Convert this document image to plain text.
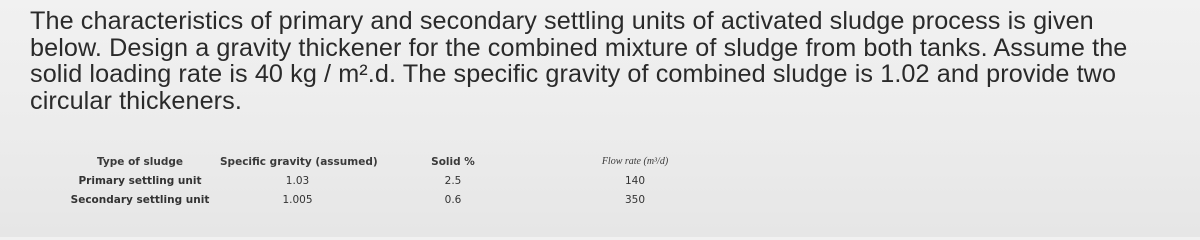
The characteristics of primary and secondary settling units of activated sludge process is given
below. Design a gravity thickener for the combined mixture of sludge from both tanks. Assume the
solid loading rate is 40 kg / m².d. The specific gravity of combined sludge is 1.02 and provide two
circular thickeners.
Type of sludge	Specific gravity (assumed)	Solid %	Flow rate (m³/d)
Primary settling unit	1.03	2.5	140
Secondary settling unit	1.005	0.6	350
